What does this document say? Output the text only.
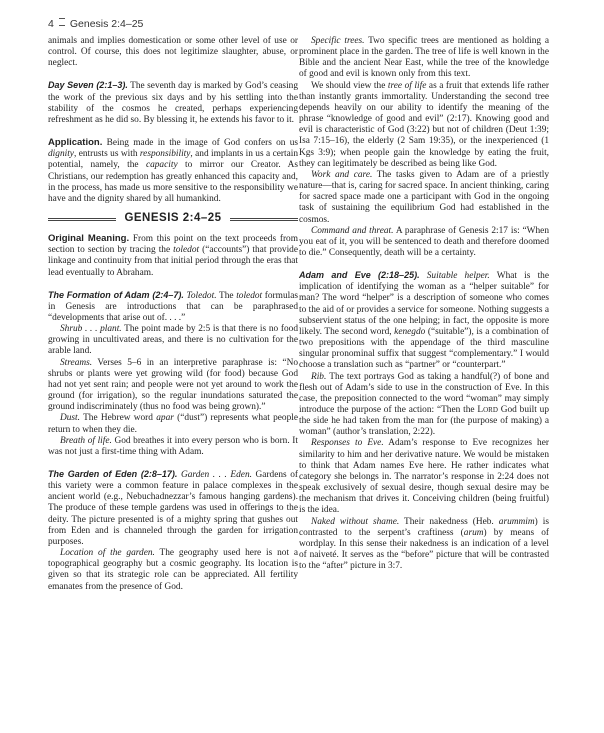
4 Genesis 2:4–25

animals and implies domestication or some other level of use or control. Of course, this does not legitimize slaughter, abuse, or neglect.

Day Seven (2:1–3). The seventh day is marked by God’s ceasing the work of the previous six days and by his settling into the stability of the cosmos he created, perhaps experiencing refreshment as he did so. By blessing it, he extends his favor to it.

Application. Being made in the image of God confers on us dignity, entrusts us with responsibility, and implants in us a certain potential, namely, the capacity to mirror our Creator. As Christians, our redemption has greatly enhanced this capacity and, in the process, has made us more sensitive to the responsibility we have and the dignity shared by all humankind.

GENESIS 2:4–25

Original Meaning. From this point on the text proceeds from section to section by tracing the toledot (“accounts”) that provide linkage and continuity from that initial period through the eras that lead eventually to Abraham.

The Formation of Adam (2:4–7). Toledot. The toledot formulas in Genesis are introductions that can be paraphrased “developments that arise out of. . . .”

Shrub . . . plant. The point made by 2:5 is that there is no food growing in uncultivated areas, and there is no cultivation for the arable land.

Streams. Verses 5–6 in an interpretive paraphrase is: “No shrubs or plants were yet growing wild (for food) because God had not yet sent rain; and people were not yet around to work the ground (for irrigation), so the regular inundations saturated the ground indiscriminately (thus no food was being grown).”

Dust. The Hebrew word apar (“dust”) represents what people return to when they die.

Breath of life. God breathes it into every person who is born. It was not just a first-time thing with Adam.

The Garden of Eden (2:8–17). Garden . . . Eden. Gardens of this variety were a common feature in palace complexes in the ancient world (e.g., Nebuchadnezzar’s famous hanging gardens). The produce of these temple gardens was used in offerings to the deity. The picture presented is of a mighty spring that gushes out from Eden and is channeled through the garden for irrigation purposes.

Location of the garden. The geography used here is not a topographical geography but a cosmic geography. Its location is given so that its strategic role can be appreciated. All fertility emanates from the presence of God.

Specific trees. Two specific trees are mentioned as holding a prominent place in the garden. The tree of life is well known in the Bible and the ancient Near East, while the tree of the knowledge of good and evil is known only from this text.

We should view the tree of life as a fruit that extends life rather than instantly grants immortality. Understanding the second tree depends heavily on our ability to identify the meaning of the phrase “knowledge of good and evil” (2:17). Knowing good and evil is characteristic of God (3:22) but not of children (Deut 1:39; Isa 7:15–16), the elderly (2 Sam 19:35), or the inexperienced (1 Kgs 3:9); when people gain the knowledge by eating the fruit, they can legitimately be described as being like God.

Work and care. The tasks given to Adam are of a priestly nature—that is, caring for sacred space. In ancient thinking, caring for sacred space made one a participant with God in the ongoing task of sustaining the equilibrium God had established in the cosmos.

Command and threat. A paraphrase of Genesis 2:17 is: “When you eat of it, you will be sentenced to death and therefore doomed to die.” Consequently, death will be a certainty.

Adam and Eve (2:18–25). Suitable helper. What is the implication of identifying the woman as a “helper suitable” for man? The word “helper” is a description of someone who comes to the aid of or provides a service for someone. Nothing suggests a subservient status of the one helping; in fact, the opposite is more likely. The second word, kenegdo (“suitable”), is a combination of two prepositions with the appendage of the third masculine singular pronominal suffix that suggest “complementary.” I would choose a translation such as “partner” or “counterpart.”

Rib. The text portrays God as taking a handful(?) of bone and flesh out of Adam’s side to use in the construction of Eve. In this case, the preposition connected to the word “woman” may simply introduce the purpose of the action: “Then the Lord God built up the side he had taken from the man for (the purpose of making) a woman” (author’s translation, 2:22).

Responses to Eve. Adam’s response to Eve recognizes her similarity to him and her derivative nature. We would be mistaken to think that Adam names Eve here. He rather indicates what category she belongs in. The narrator’s response in 2:24 does not speak exclusively of sexual desire, though sexual desire may be the mechanism that drives it. Conceiving children (being fruitful) is the idea.

Naked without shame. Their nakedness (Heb. arummim) is contrasted to the serpent’s craftiness (arum) by means of wordplay. In this sense their nakedness is an indication of a level of naiveté. It serves as the “before” picture that will be contrasted to the “after” picture in 3:7.
